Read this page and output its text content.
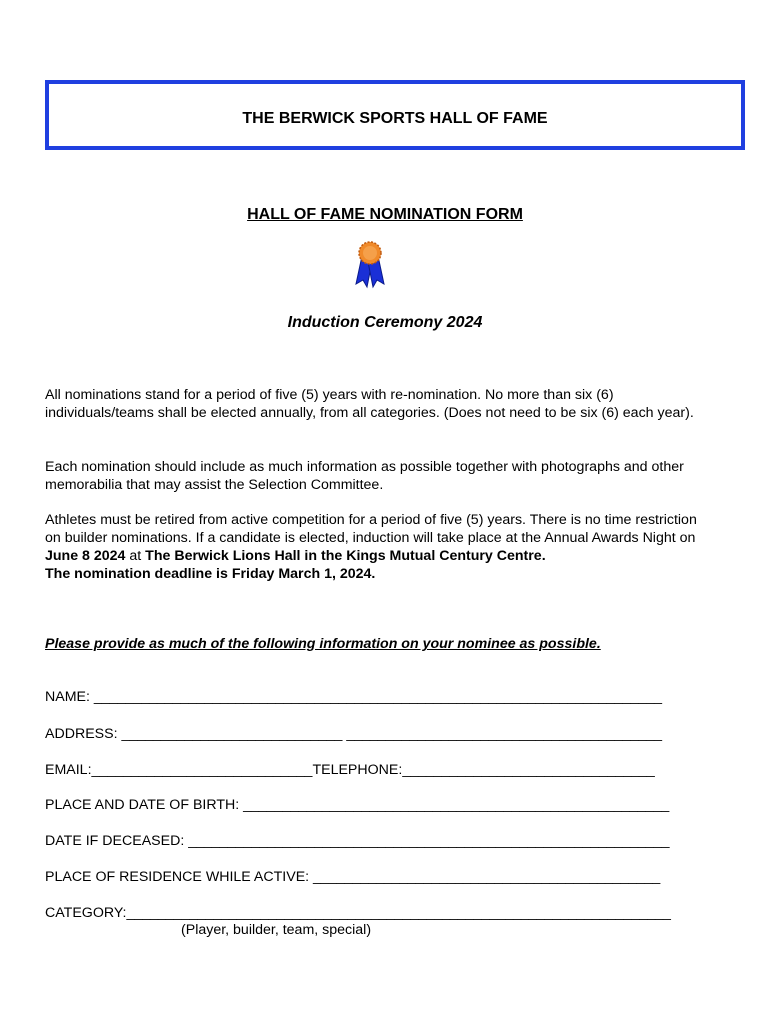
THE BERWICK SPORTS HALL OF FAME
HALL OF FAME NOMINATION FORM
Induction Ceremony 2024
All nominations stand for a period of five (5) years with re-nomination. No more than six (6) individuals/teams shall be elected annually, from all categories. (Does not need to be six (6) each year).
Each nomination should include as much information as possible together with photographs and other memorabilia that may assist the Selection Committee.
Athletes must be retired from active competition for a period of five (5) years. There is no time restriction on builder nominations. If a candidate is elected, induction will take place at the Annual Awards Night on June 8 2024 at The Berwick Lions Hall in the Kings Mutual Century Centre.
The nomination deadline is Friday March 1, 2024.
Please provide as much of the following information on your nominee as possible.
NAME: ________________________________________________________________________
ADDRESS: ____________________________ ________________________________________
EMAIL:____________________________TELEPHONE:________________________________
PLACE AND DATE OF BIRTH: ______________________________________________________
DATE IF DECEASED: _____________________________________________________________
PLACE OF RESIDENCE WHILE ACTIVE: ____________________________________________
CATEGORY:_____________________________________________________________________
(Player, builder, team, special)
